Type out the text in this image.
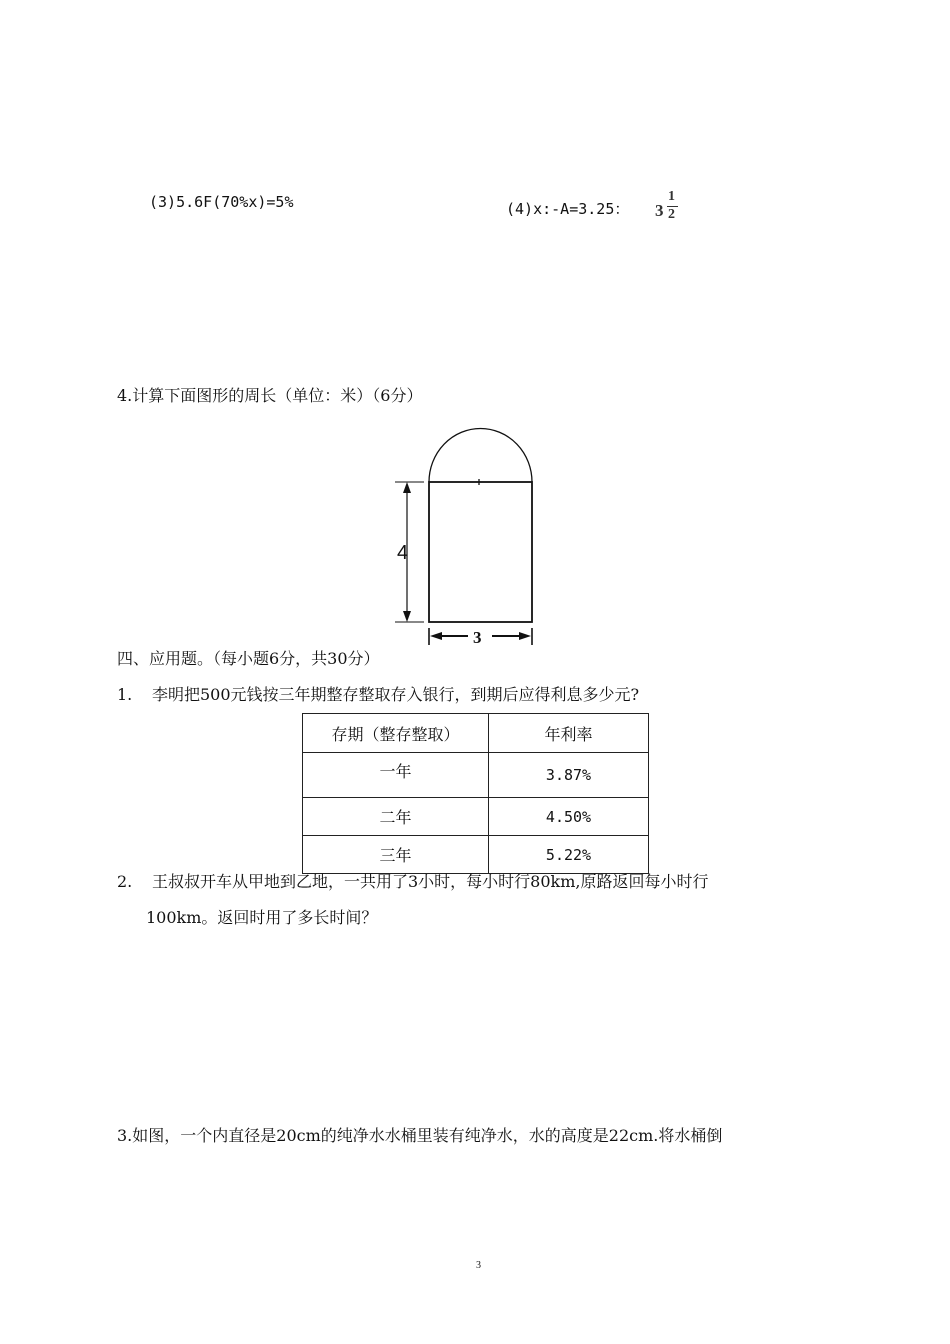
(3)5.6F(70%x)=5%	(4)x:-A=3.25： 3
1
2
4.计算下面图形的周长（单位：米）（6分）
4
3
四、应用题。（每小题6分，共30分）
1. 李明把500元钱按三年期整存整取存入银行，到期后应得利息多少元?
存期（整存整取）	年利率
一年	3.87%
二年	4.50%
三年	5.22%
2. 王叔叔开车从甲地到乙地，一共用了3小时，每小时行80km,原路返回每小时行
100km。返回时用了多长时间？
3.如图，一个内直径是20cm的纯净水水桶里装有纯净水，水的高度是22cm.将水桶倒
3
